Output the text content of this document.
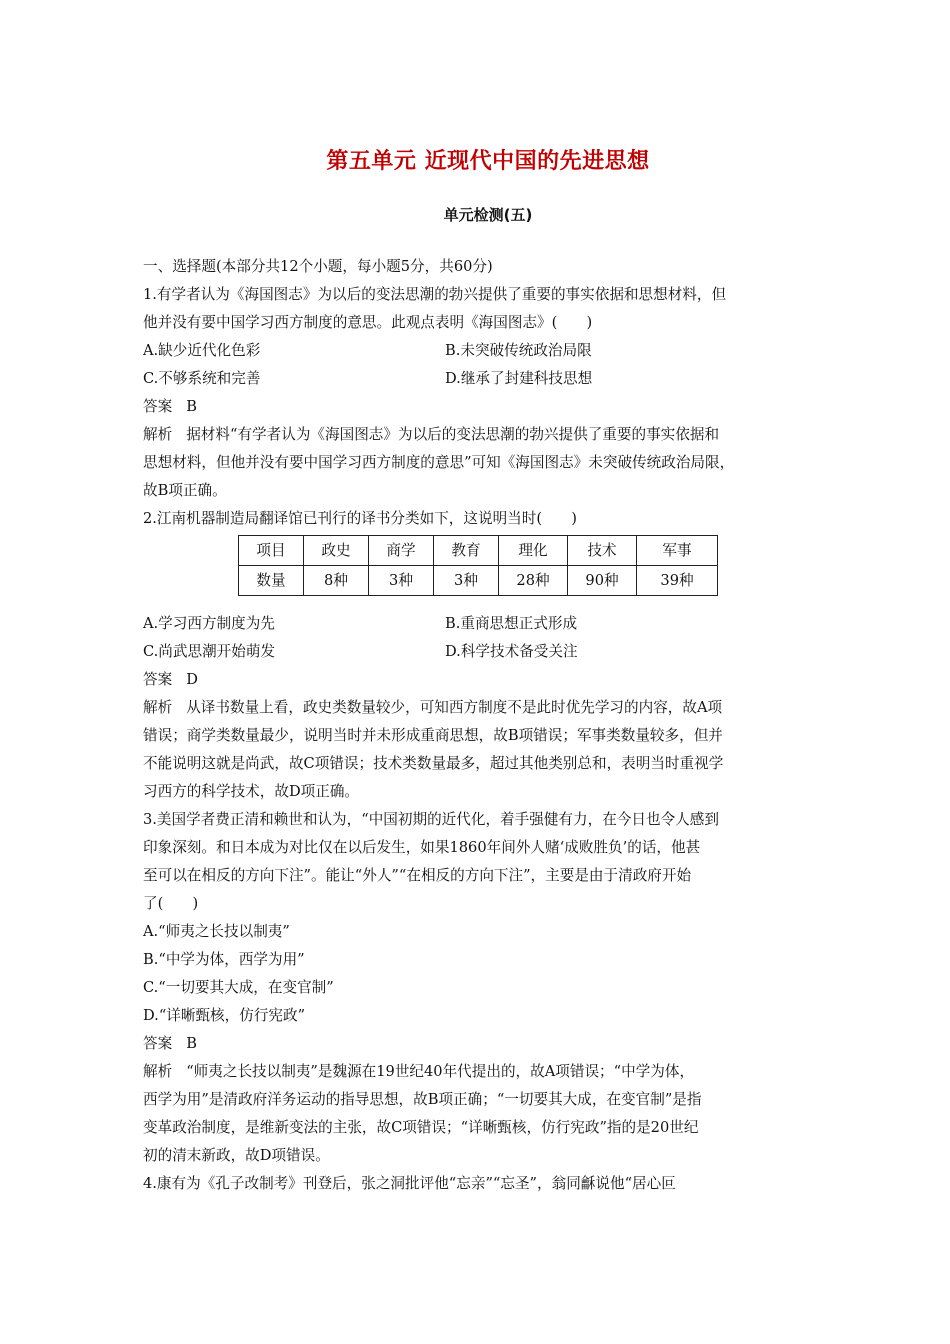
第五单元 近现代中国的先进思想
单元检测(五)
一、选择题(本部分共12个小题，每小题5分，共60分)
1.有学者认为《海国图志》为以后的变法思潮的勃兴提供了重要的事实依据和思想材料，但
他并没有要中国学习西方制度的意思。此观点表明《海国图志》(　　)
A.缺少近代化色彩	B.未突破传统政治局限
C.不够系统和完善	D.继承了封建科技思想
答案 B
解析 据材料“有学者认为《海国图志》为以后的变法思潮的勃兴提供了重要的事实依据和
思想材料，但他并没有要中国学习西方制度的意思”可知《海国图志》未突破传统政治局限，
故B项正确。
2.江南机器制造局翻译馆已刊行的译书分类如下，这说明当时(　　)
项目	政史	商学	教育	理化	技术	军事
数量	8种	3种	3种	28种	90种	39种
A.学习西方制度为先	B.重商思想正式形成
C.尚武思潮开始萌发	D.科学技术备受关注
答案 D
解析 从译书数量上看，政史类数量较少，可知西方制度不是此时优先学习的内容，故A项
错误；商学类数量最少，说明当时并未形成重商思想，故B项错误；军事类数量较多，但并
不能说明这就是尚武，故C项错误；技术类数量最多，超过其他类别总和，表明当时重视学
习西方的科学技术，故D项正确。
3.美国学者费正清和赖世和认为，“中国初期的近代化，着手强健有力，在今日也令人感到
印象深刻。和日本成为对比仅在以后发生，如果1860年间外人赌‘成败胜负’的话，他甚
至可以在相反的方向下注”。能让“外人”“在相反的方向下注”，主要是由于清政府开始
了(　　)
A.“师夷之长技以制夷”
B.“中学为体，西学为用”
C.“一切要其大成，在变官制”
D.“详晰甄核，仿行宪政”
答案 B
解析 “师夷之长技以制夷”是魏源在19世纪40年代提出的，故A项错误；“中学为体，
西学为用”是清政府洋务运动的指导思想，故B项正确；“一切要其大成，在变官制”是指
变革政治制度，是维新变法的主张，故C项错误；“详晰甄核，仿行宪政”指的是20世纪
初的清末新政，故D项错误。
4.康有为《孔子改制考》刊登后，张之洞批评他“忘亲”“忘圣”，翁同龢说他“居心叵
